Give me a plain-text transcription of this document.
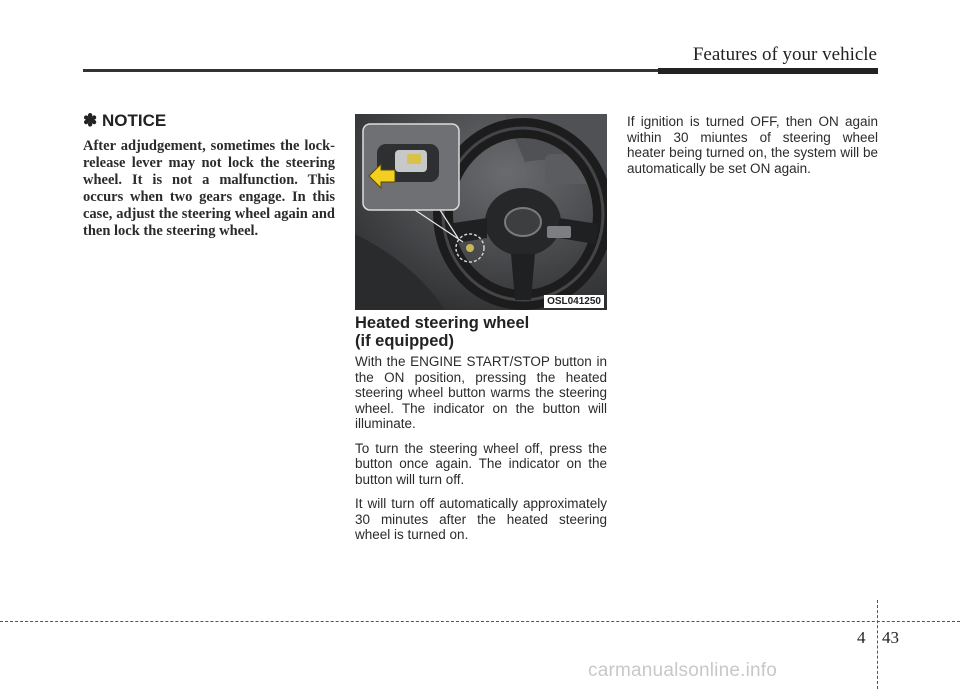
Features of your vehicle

✽ NOTICE

After adjudgement, sometimes the lock-release lever may not lock the steering wheel. It is not a malfunction. This occurs when two gears engage. In this case, adjust the steering wheel again and then lock the steering wheel.

OSL041250
Heated steering wheel
(if equipped)

With the ENGINE START/STOP button in the ON position, pressing the heated steering wheel button warms the steering wheel. The indicator on the button will illuminate.

To turn the steering wheel off, press the button once again. The indicator on the button will turn off.

It will turn off automatically approximately 30 minutes after the heated steering wheel is turned on.

If ignition is turned OFF, then ON again within 30 miuntes of steering wheel heater being turned on, the system will be automatically be set ON again.

4 43
carmanualsonline.info
